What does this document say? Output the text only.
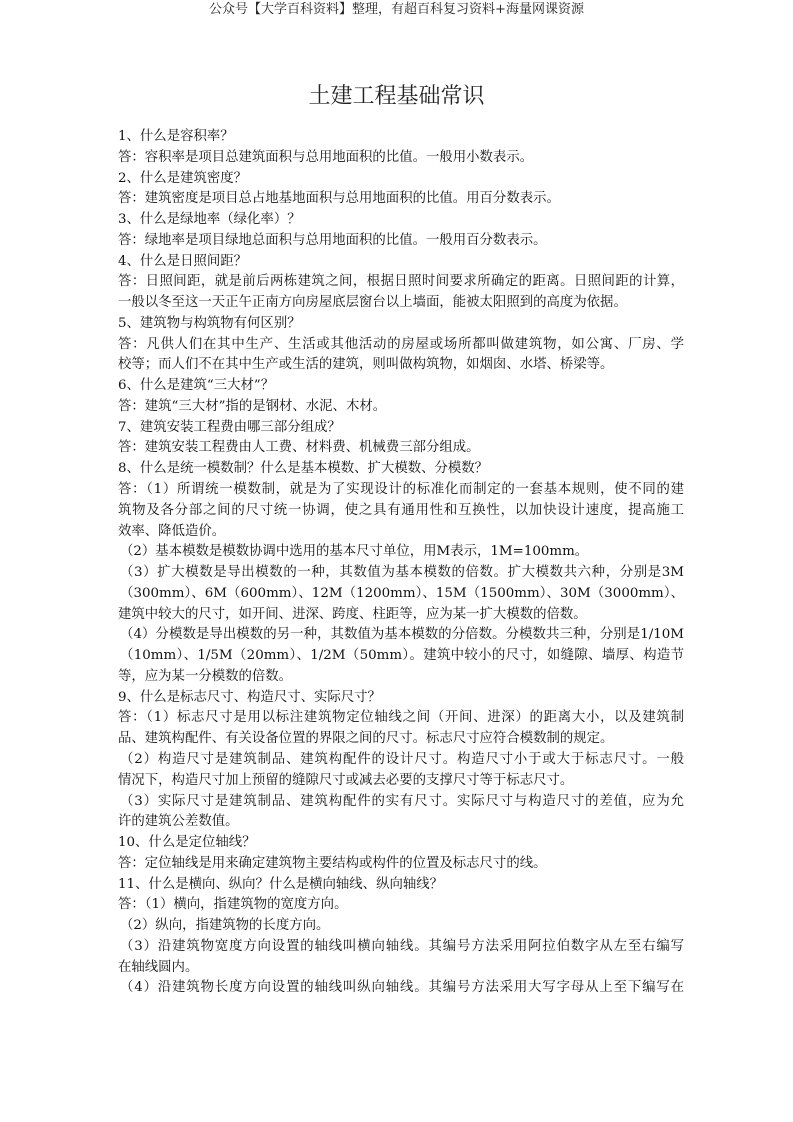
公众号【大学百科资料】整理，有超百科复习资料+海量网课资源
土建工程基础常识
1、什么是容积率？
答：容积率是项目总建筑面积与总用地面积的比值。一般用小数表示。
2、什么是建筑密度？
答：建筑密度是项目总占地基地面积与总用地面积的比值。用百分数表示。
3、什么是绿地率（绿化率）？
答：绿地率是项目绿地总面积与总用地面积的比值。一般用百分数表示。
4、什么是日照间距？
答：日照间距，就是前后两栋建筑之间，根据日照时间要求所确定的距离。日照间距的计算，
一般以冬至这一天正午正南方向房屋底层窗台以上墙面，能被太阳照到的高度为依据。
5、建筑物与构筑物有何区别？
答：凡供人们在其中生产、生活或其他活动的房屋或场所都叫做建筑物，如公寓、厂房、学
校等；而人们不在其中生产或生活的建筑，则叫做构筑物，如烟囱、水塔、桥梁等。
6、什么是建筑“三大材”？
答：建筑“三大材”指的是钢材、水泥、木材。
7、建筑安装工程费由哪三部分组成？
答：建筑安装工程费由人工费、材料费、机械费三部分组成。
8、什么是统一模数制？什么是基本模数、扩大模数、分模数？
答：（1）所谓统一模数制，就是为了实现设计的标准化而制定的一套基本规则，使不同的建
筑物及各分部之间的尺寸统一协调，使之具有通用性和互换性，以加快设计速度，提高施工
效率、降低造价。
（2）基本模数是模数协调中选用的基本尺寸单位，用M表示，1M=100mm。
（3）扩大模数是导出模数的一种，其数值为基本模数的倍数。扩大模数共六种，分别是3M
（300mm）、6M（600mm）、12M（1200mm）、15M（1500mm）、30M（3000mm）、
建筑中较大的尺寸，如开间、进深、跨度、柱距等，应为某一扩大模数的倍数。
（4）分模数是导出模数的另一种，其数值为基本模数的分倍数。分模数共三种，分别是1/10M
（10mm）、1/5M（20mm）、1/2M（50mm）。建筑中较小的尺寸，如缝隙、墙厚、构造节
等，应为某一分模数的倍数。
9、什么是标志尺寸、构造尺寸、实际尺寸？
答：（1）标志尺寸是用以标注建筑物定位轴线之间（开间、进深）的距离大小，以及建筑制
品、建筑构配件、有关设备位置的界限之间的尺寸。标志尺寸应符合模数制的规定。
（2）构造尺寸是建筑制品、建筑构配件的设计尺寸。构造尺寸小于或大于标志尺寸。一般
情况下，构造尺寸加上预留的缝隙尺寸或减去必要的支撑尺寸等于标志尺寸。
（3）实际尺寸是建筑制品、建筑构配件的实有尺寸。实际尺寸与构造尺寸的差值，应为允
许的建筑公差数值。
10、什么是定位轴线？
答：定位轴线是用来确定建筑物主要结构或构件的位置及标志尺寸的线。
11、什么是横向、纵向？什么是横向轴线、纵向轴线？
答：（1）横向，指建筑物的宽度方向。
（2）纵向，指建筑物的长度方向。
（3）沿建筑物宽度方向设置的轴线叫横向轴线。其编号方法采用阿拉伯数字从左至右编写
在轴线圆内。
（4）沿建筑物长度方向设置的轴线叫纵向轴线。其编号方法采用大写字母从上至下编写在
